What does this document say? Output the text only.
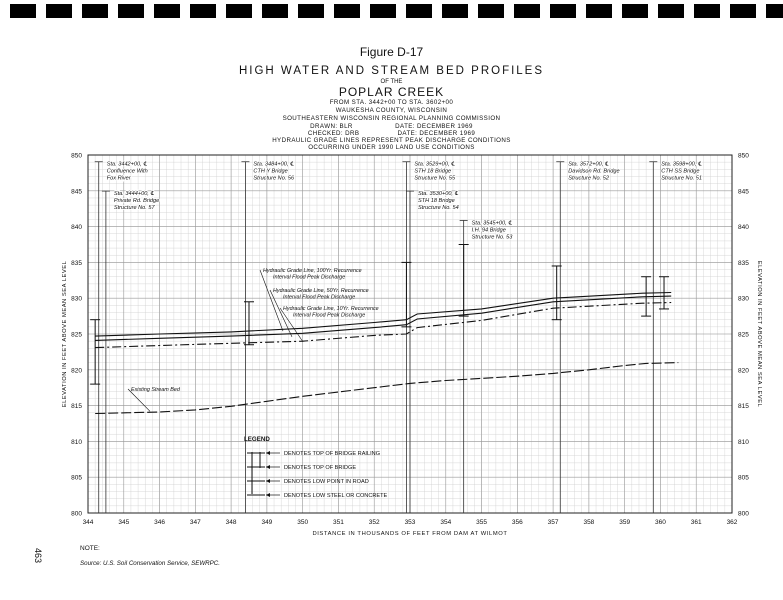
Figure D-17
HIGH WATER AND STREAM BED PROFILES
OF THE
POPLAR CREEK
FROM STA. 3442+00 TO STA. 3602+00
WAUKESHA COUNTY, WISCONSIN
SOUTHEASTERN WISCONSIN REGIONAL PLANNING COMMISSION
DRAWN: BLR                    DATE: DECEMBER 1969
CHECKED: DRB                  DATE: DECEMBER 1969
HYDRAULIC GRADE LINES REPRESENT PEAK DISCHARGE CONDITIONS
OCCURRING UNDER 1990 LAND USE CONDITIONS
344	345	346	347	348	349	350	351	352	353	354	355	356	357	358	359	360	361	362
800	800
805	805
810	810
815	815
820	820
825	825
830	830
835	835
840	840
845	845
850	850
DISTANCE IN THOUSANDS OF FEET FROM DAM AT WILMOT
ELEVATION IN FEET ABOVE MEAN SEA LEVEL	ELEVATION IN FEET ABOVE MEAN SEA LEVEL
Sta. 3442+00, ℄
Confluence With
Fox River
Sta. 3444+00, ℄
Private Rd. Bridge
Structure No. 57
Sta. 3484+00, ℄
CTH Y Bridge
Structure No. 56
Sta. 3529+00, ℄
STH 18 Bridge
Structure No. 55
Sta. 3530+00, ℄
STH 18 Bridge
Structure No. 54
Sta. 3545+00, ℄
I.H. 94 Bridge
Structure No. 53
Sta. 3572+00, ℄
Davidson Rd. Bridge
Structure No. 52
Sta. 3598+00, ℄
CTH SS Bridge
Structure No. 51
Hydraulic Grade Line, 100Yr. Recurrence
Interval Flood Peak Discharge
Hydraulic Grade Line, 50Yr. Recurrence
Interval Flood Peak Discharge
Hydraulic Grade Line, 10Yr. Recurrence
Interval Flood Peak Discharge
Existing Stream Bed
LEGEND
DENOTES TOP OF BRIDGE RAILING
DENOTES TOP OF BRIDGE
DENOTES LOW POINT IN ROAD
DENOTES LOW STEEL OR CONCRETE
463	NOTE:
Source: U.S. Soil Conservation Service, SEWRPC.
